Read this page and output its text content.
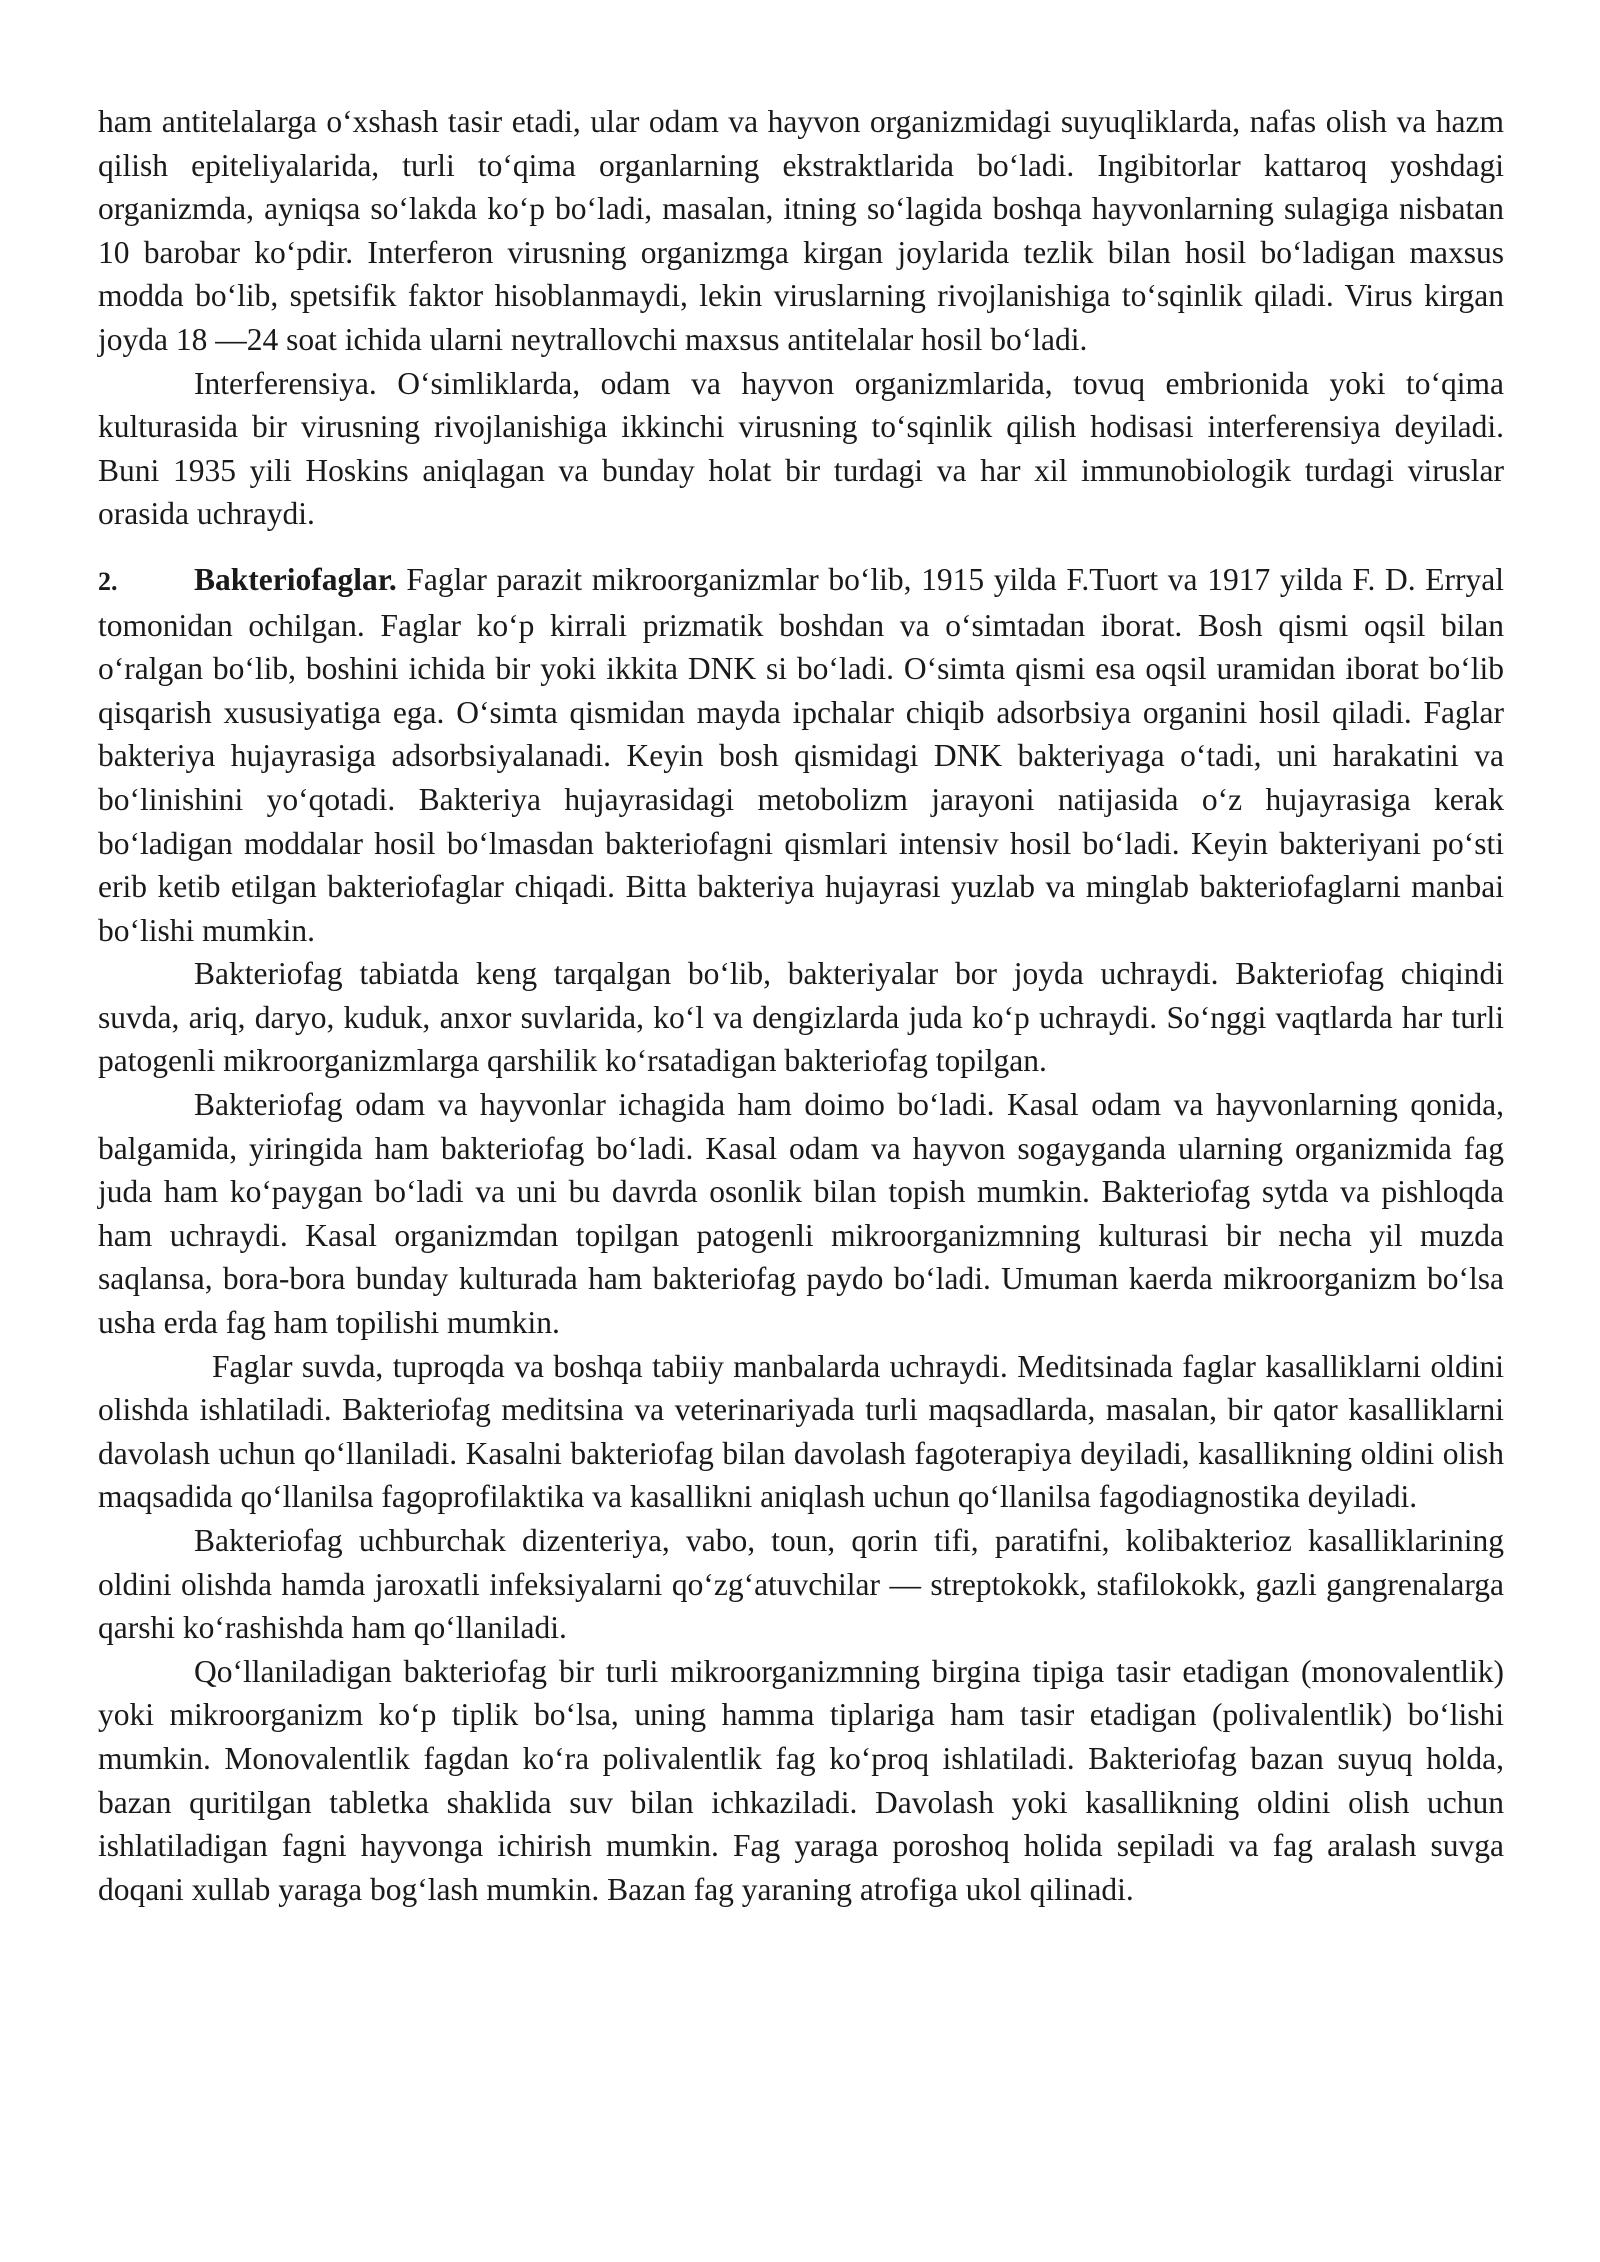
ham antitelalarga o‘xshash tasir etadi, ular odam va hayvon organizmidagi suyuqliklarda, nafas olish va hazm qilish epiteliyalarida, turli to‘qima organlarning ekstraktlarida bo‘ladi. Ingibitorlar kattaroq yoshdagi organizmda, ayniqsa so‘lakda ko‘p bo‘ladi, masalan, itning so‘lagida boshqa hayvonlarning sulagiga nisbatan 10 barobar ko‘pdir. Interferon virusning organizmga kirgan joylarida tezlik bilan hosil bo‘ladigan maxsus modda bo‘lib, spetsifik faktor hisoblanmaydi, lekin viruslarning rivojlanishiga to‘sqinlik qiladi. Virus kirgan joyda 18 —24 soat ichida ularni neytrallovchi maxsus antitelalar hosil bo‘ladi.

Interferensiya. O‘simliklarda, odam va hayvon organizmlarida, tovuq embrionida yoki to‘qima kulturasida bir virusning rivojlanishiga ikkinchi virusning to‘sqinlik qilish hodisasi interferensiya deyiladi. Buni 1935 yili Hoskins aniqlagan va bunday holat bir turdagi va har xil immunobiologik turdagi viruslar orasida uchraydi.

2. Bakteriofaglar. Faglar parazit mikroorganizmlar bo‘lib, 1915 yilda F.Tuort va 1917 yilda F. D. Erryal tomonidan ochilgan. Faglar ko‘p kirrali prizmatik boshdan va o‘simtadan iborat. Bosh qismi oqsil bilan o‘ralgan bo‘lib, boshini ichida bir yoki ikkita DNK si bo‘ladi. O‘simta qismi esa oqsil uramidan iborat bo‘lib qisqarish xususiyatiga ega. O‘simta qismidan mayda ipchalar chiqib adsorbsiya organini hosil qiladi. Faglar bakteriya hujayrasiga adsorbsiyalanadi. Keyin bosh qismidagi DNK bakteriyaga o‘tadi, uni harakatini va bo‘linishini yo‘qotadi. Bakteriya hujayrasidagi metobolizm jarayoni natijasida o‘z hujayrasiga kerak bo‘ladigan moddalar hosil bo‘lmasdan bakteriofagni qismlari intensiv hosil bo‘ladi. Keyin bakteriyani po‘sti erib ketib etilgan bakteriofaglar chiqadi. Bitta bakteriya hujayrasi yuzlab va minglab bakteriofaglarni manbai bo‘lishi mumkin.

Bakteriofag tabiatda keng tarqalgan bo‘lib, bakteriyalar bor joyda uchraydi. Bakteriofag chiqindi suvda, ariq, daryo, kuduk, anxor suvlarida, ko‘l va dengizlarda juda ko‘p uchraydi. So‘nggi vaqtlarda har turli patogenli mikroorganizmlarga qarshilik ko‘rsatadigan bakteriofag topilgan.

Bakteriofag odam va hayvonlar ichagida ham doimo bo‘ladi. Kasal odam va hayvonlarning qonida, balgamida, yiringida ham bakteriofag bo‘ladi. Kasal odam va hayvon sogayganda ularning organizmida fag juda ham ko‘paygan bo‘ladi va uni bu davrda osonlik bilan topish mumkin. Bakteriofag sytda va pishloqda ham uchraydi. Kasal organizmdan topilgan patogenli mikroorganizmning kulturasi bir necha yil muzda saqlansa, bora-bora bunday kulturada ham bakteriofag paydo bo‘ladi. Umuman kaerda mikroorganizm bo‘lsa usha erda fag ham topilishi mumkin.

Faglar suvda, tuproqda va boshqa tabiiy manbalarda uchraydi. Meditsinada faglar kasalliklarni oldini olishda ishlatiladi. Bakteriofag meditsina va veterinariyada turli maqsadlarda, masalan, bir qator kasalliklarni davolash uchun qo‘llaniladi. Kasalni bakteriofag bilan davolash fagoterapiya deyiladi, kasallikning oldini olish maqsadida qo‘llanilsa fagoprofilaktika va kasallikni aniqlash uchun qo‘llanilsa fagodiagnostika deyiladi.

Bakteriofag uchburchak dizenteriya, vabo, toun, qorin tifi, paratifni, kolibakterioz kasalliklarining oldini olishda hamda jaroxatli infeksiyalarni qo‘zg‘atuvchilar — streptokokk, stafilokokk, gazli gangrenalarga qarshi ko‘rashishda ham qo‘llaniladi.

Qo‘llaniladigan bakteriofag bir turli mikroorganizmning birgina tipiga tasir etadigan (monovalentlik) yoki mikroorganizm ko‘p tiplik bo‘lsa, uning hamma tiplariga ham tasir etadigan (polivalentlik) bo‘lishi mumkin. Monovalentlik fagdan ko‘ra polivalentlik fag ko‘proq ishlatiladi. Bakteriofag bazan suyuq holda, bazan quritilgan tabletka shaklida suv bilan ichkaziladi. Davolash yoki kasallikning oldini olish uchun ishlatiladigan fagni hayvonga ichirish mumkin. Fag yaraga poroshoq holida sepiladi va fag aralash suvga doqani xullab yaraga bog‘lash mumkin. Bazan fag yaraning atrofiga ukol qilinadi.
